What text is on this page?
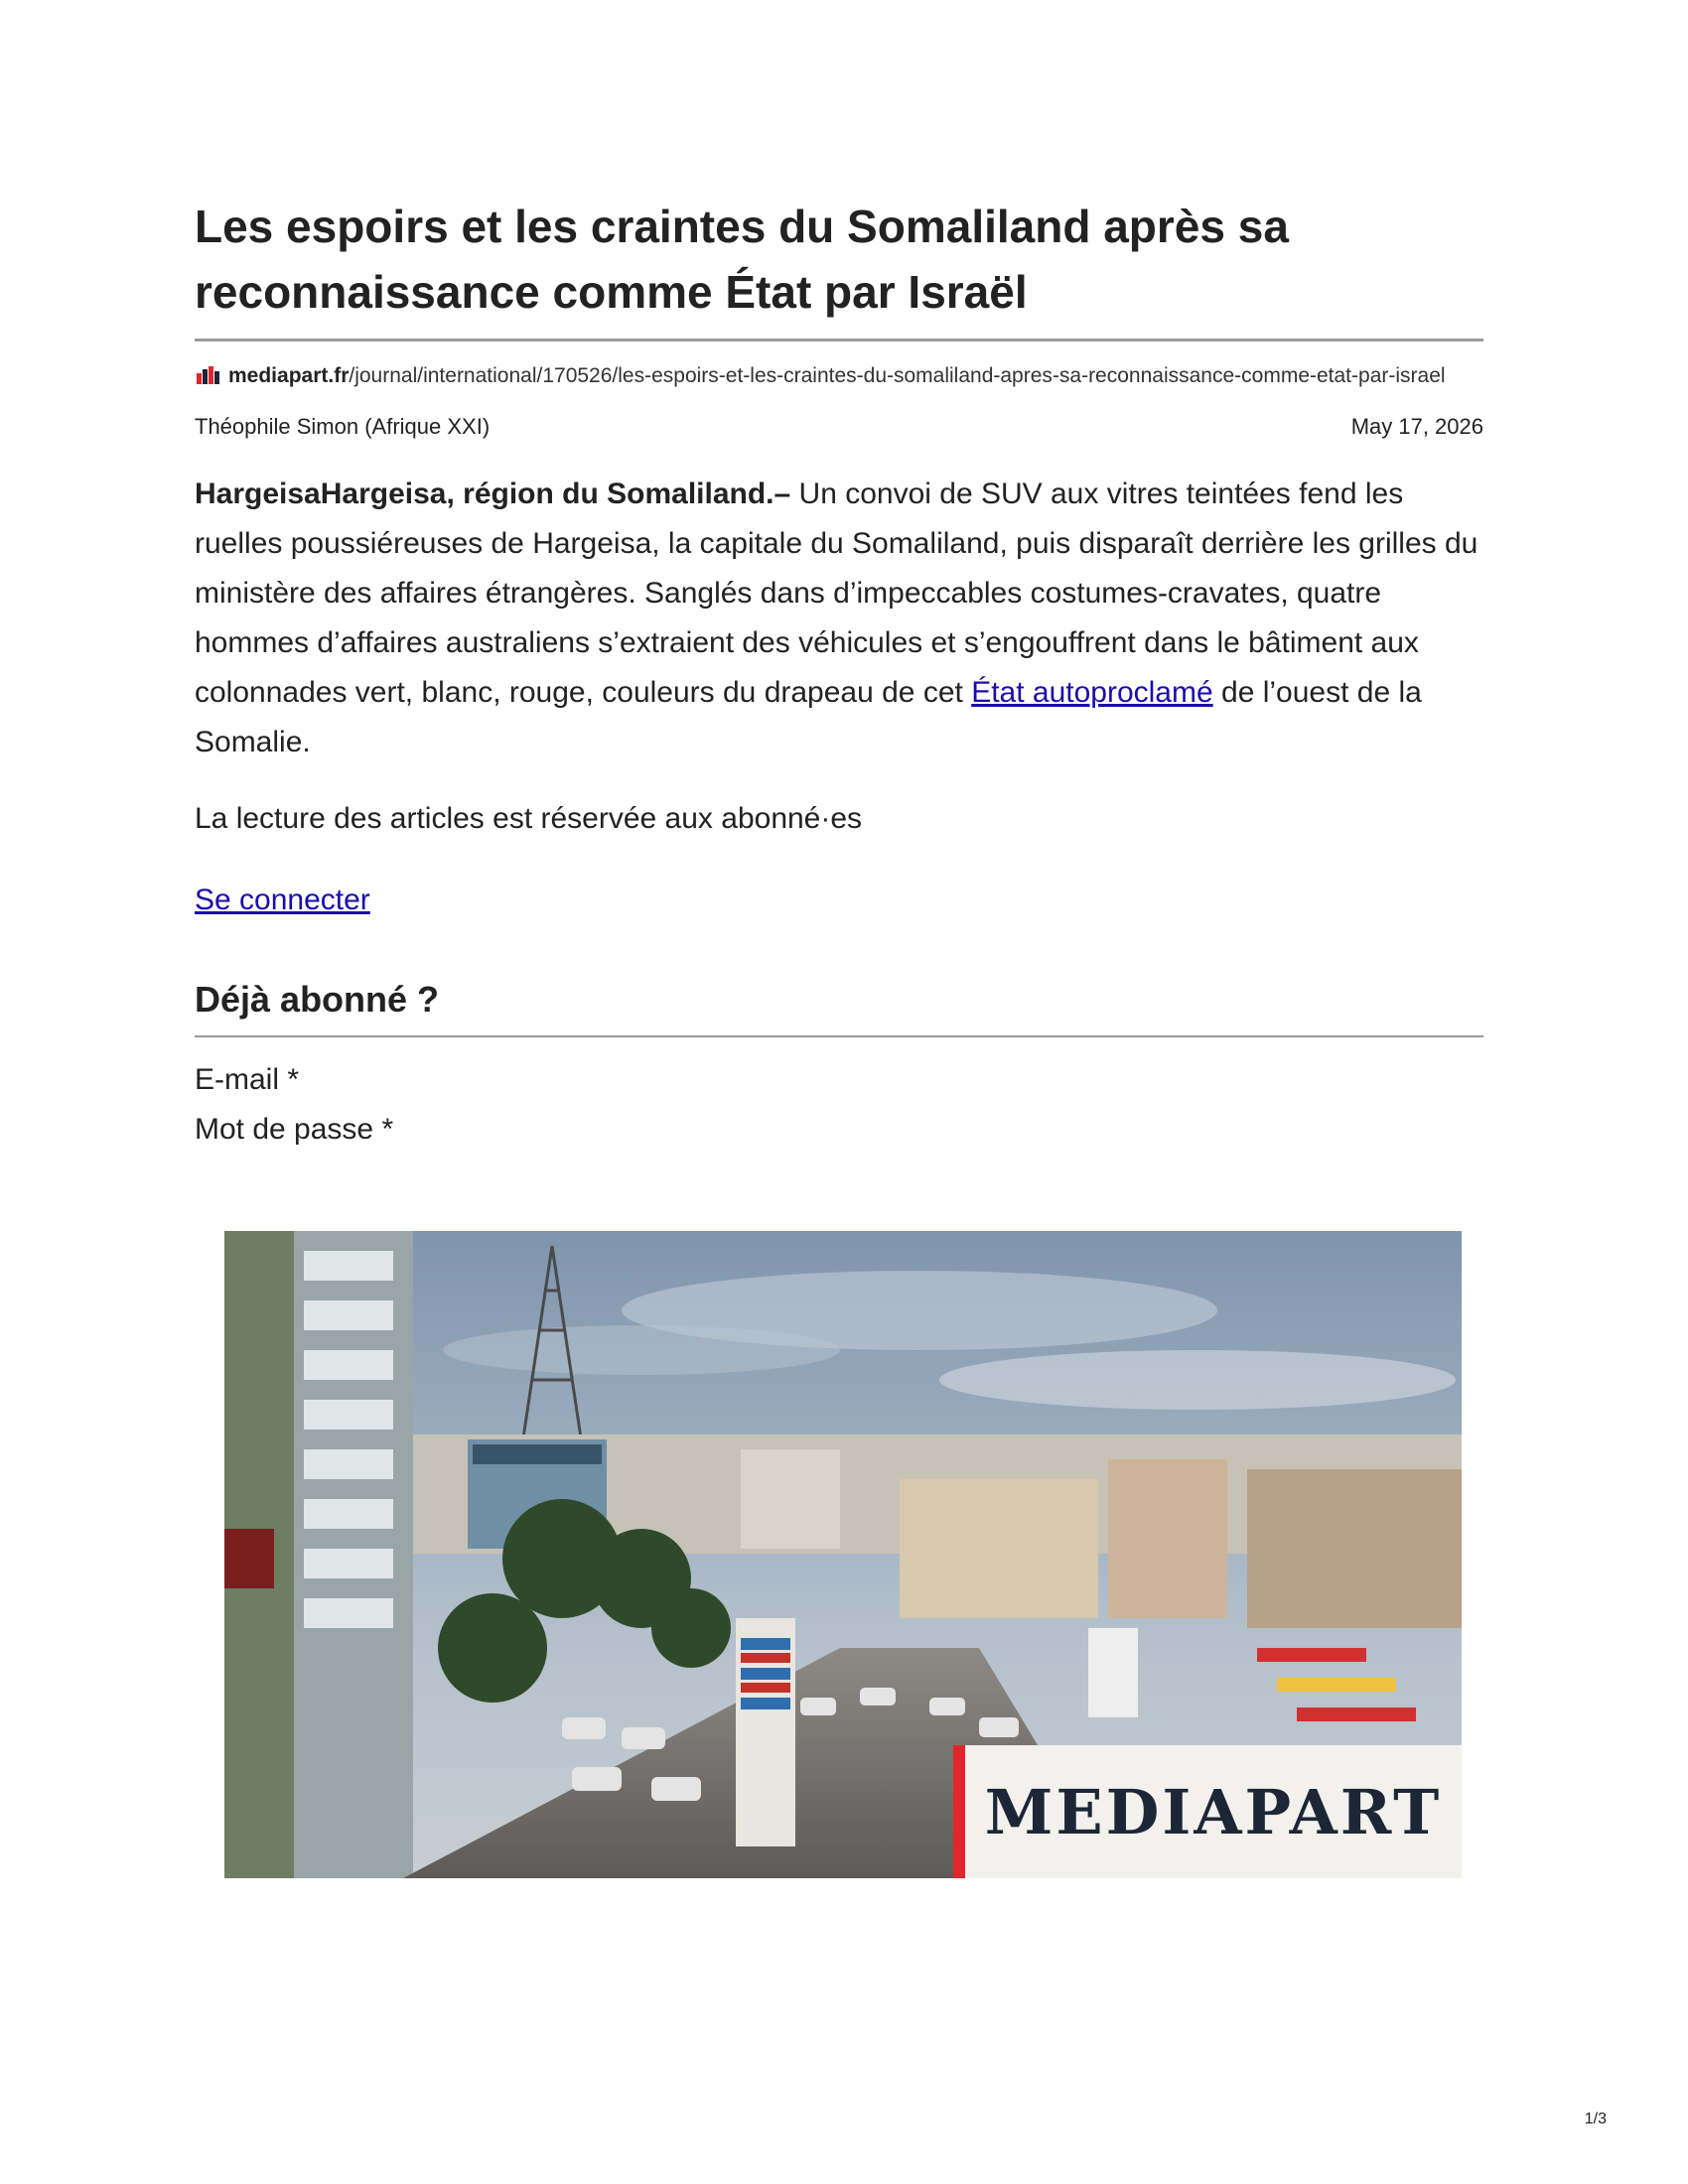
Les espoirs et les craintes du Somaliland après sa reconnaissance comme État par Israël
mediapart.fr/journal/international/170526/les-espoirs-et-les-craintes-du-somaliland-apres-sa-reconnaissance-comme-etat-par-israel
Théophile Simon (Afrique XXI)	May 17, 2026

HargeisaHargeisa, région du Somaliland.– Un convoi de SUV aux vitres teintées fend les ruelles poussiéreuses de Hargeisa, la capitale du Somaliland, puis disparaît derrière les grilles du ministère des affaires étrangères. Sanglés dans d’impeccables costumes-cravates, quatre hommes d’affaires australiens s’extraient des véhicules et s’engouffrent dans le bâtiment aux colonnades vert, blanc, rouge, couleurs du drapeau de cet État autoproclamé de l’ouest de la Somalie.

La lecture des articles est réservée aux abonné·es
Se connecter
Déjà abonné ?
E-mail *
Mot de passe *
MEDIAPART
1/3
